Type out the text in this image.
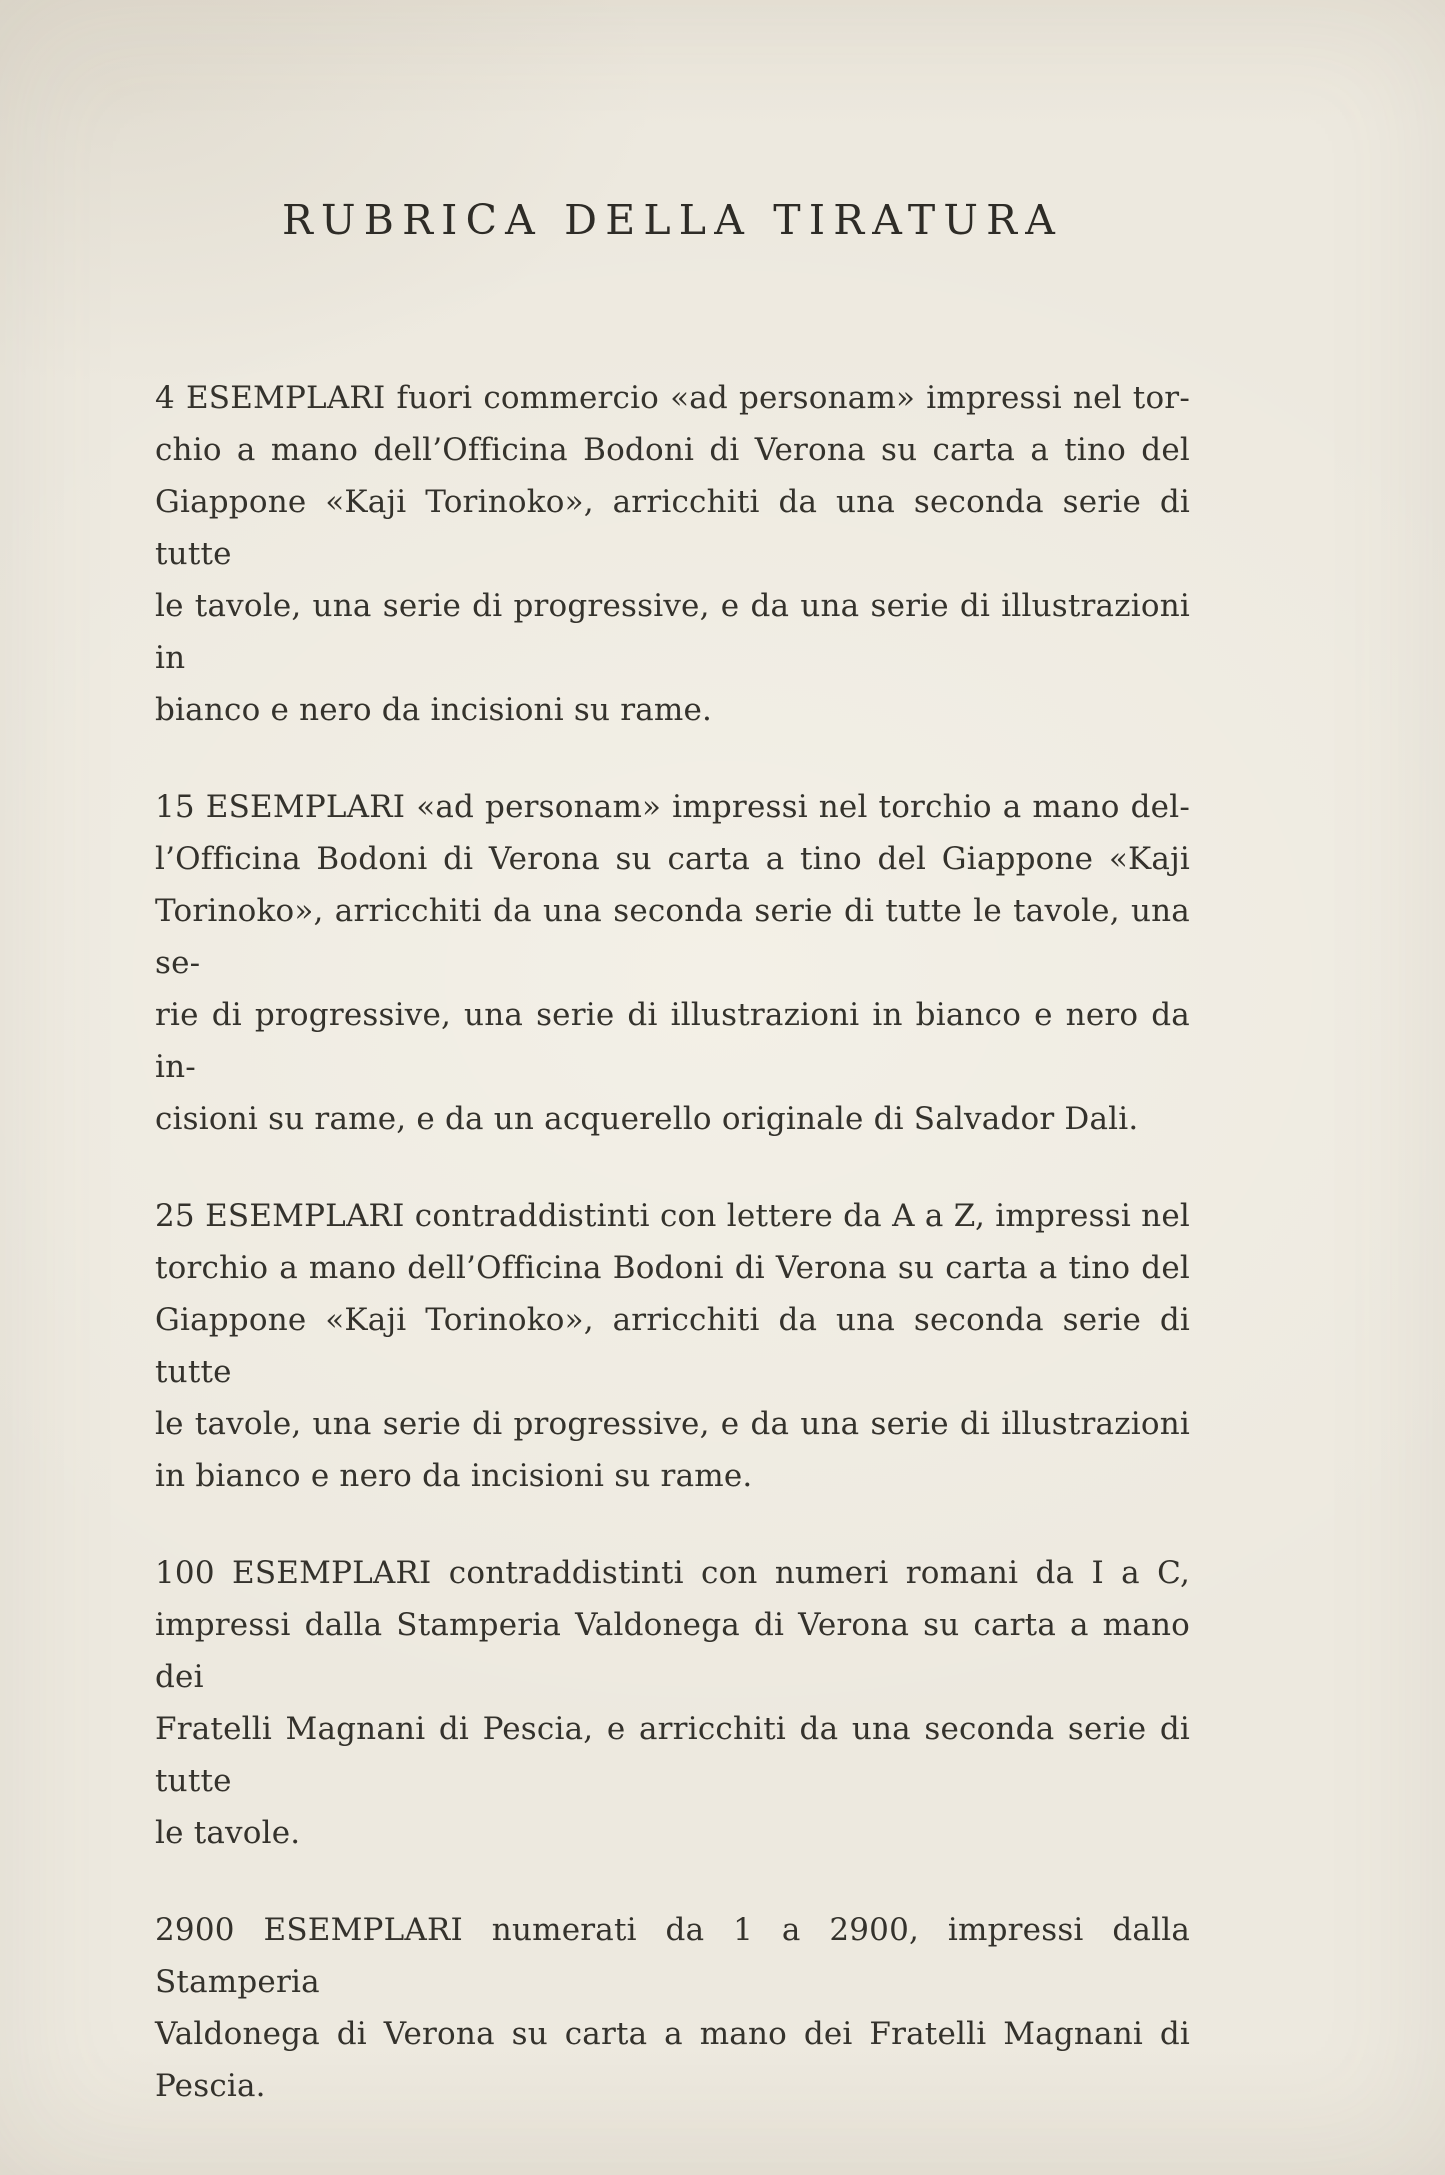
RUBRICA DELLA TIRATURA
4 ESEMPLARI fuori commercio «ad personam» impressi nel tor-
chio a mano dell’Officina Bodoni di Verona su carta a tino del
Giappone «Kaji Torinoko», arricchiti da una seconda serie di tutte
le tavole, una serie di progressive, e da una serie di illustrazioni in
bianco e nero da incisioni su rame.
15 ESEMPLARI «ad personam» impressi nel torchio a mano del-
l’Officina Bodoni di Verona su carta a tino del Giappone «Kaji
Torinoko», arricchiti da una seconda serie di tutte le tavole, una se-
rie di progressive, una serie di illustrazioni in bianco e nero da in-
cisioni su rame, e da un acquerello originale di Salvador Dali.
25 ESEMPLARI contraddistinti con lettere da A a Z, impressi nel
torchio a mano dell’Officina Bodoni di Verona su carta a tino del
Giappone «Kaji Torinoko», arricchiti da una seconda serie di tutte
le tavole, una serie di progressive, e da una serie di illustrazioni
in bianco e nero da incisioni su rame.
100 ESEMPLARI contraddistinti con numeri romani da I a C,
impressi dalla Stamperia Valdonega di Verona su carta a mano dei
Fratelli Magnani di Pescia, e arricchiti da una seconda serie di tutte
le tavole.
2900 ESEMPLARI numerati da 1 a 2900, impressi dalla Stamperia
Valdonega di Verona su carta a mano dei Fratelli Magnani di
Pescia.
